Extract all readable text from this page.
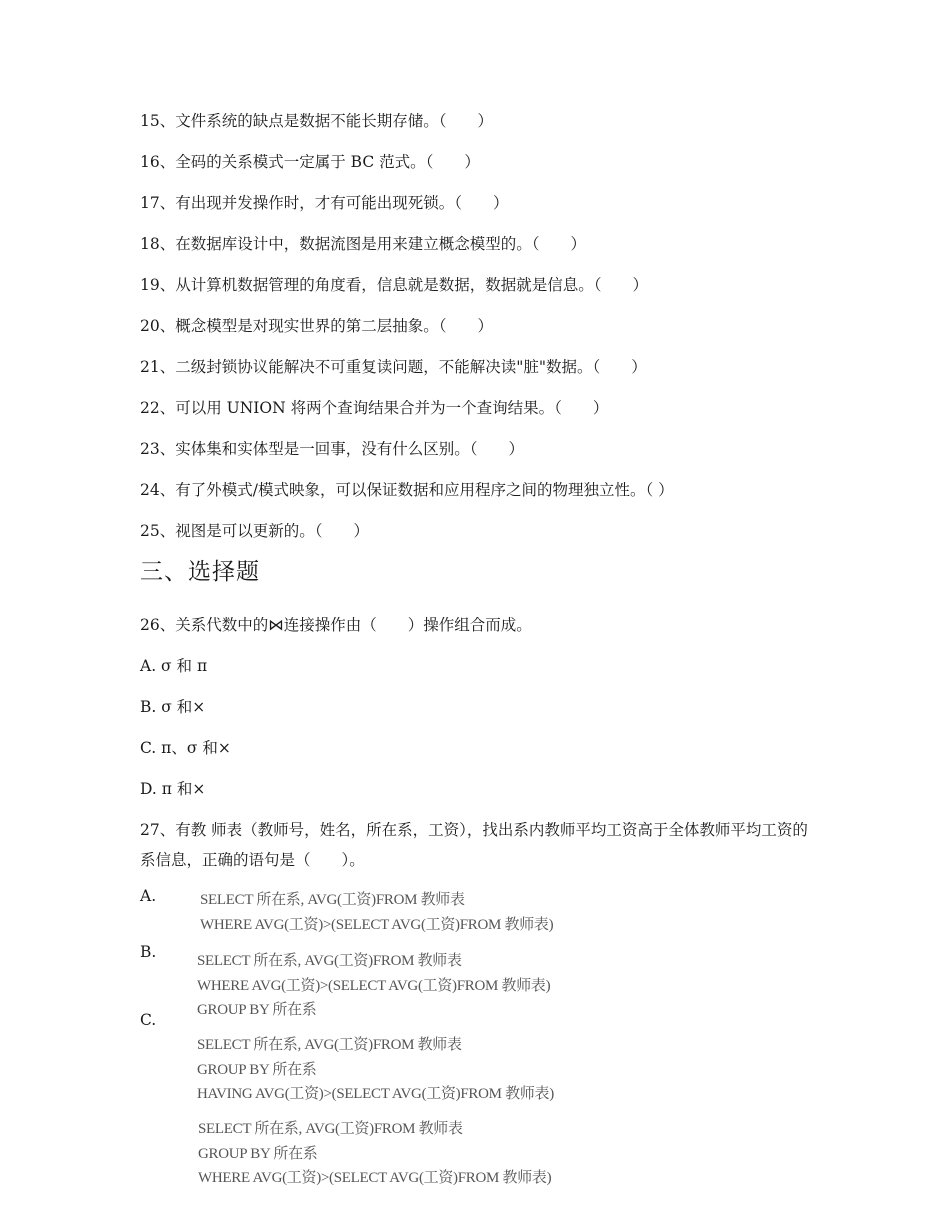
15、文件系统的缺点是数据不能长期存储。（　　）
16、全码的关系模式一定属于 BC 范式。（　　）
17、有出现并发操作时，才有可能出现死锁。（　　）
18、在数据库设计中，数据流图是用来建立概念模型的。（　　）
19、从计算机数据管理的角度看，信息就是数据，数据就是信息。（　　）
20、概念模型是对现实世界的第二层抽象。（　　）
21、二级封锁协议能解决不可重复读问题，不能解决读"脏"数据。（　　）
22、可以用 UNION 将两个查询结果合并为一个查询结果。（　　）
23、实体集和实体型是一回事，没有什么区别。（　　）
24、有了外模式/模式映象，可以保证数据和应用程序之间的物理独立性。（ ）
25、视图是可以更新的。（　　）
三、选择题
26、关系代数中的⋈连接操作由（　　）操作组合而成。
A. σ 和 π
B. σ 和×
C. π、σ 和×
D. π 和×
27、有教 师表（教师号，姓名，所在系，工资），找出系内教师平均工资高于全体教师平均工资的系信息，正确的语句是（　　）。
A.	SELECT 所在系, AVG(工资)FROM 教师表
WHERE AVG(工资)>(SELECT AVG(工资)FROM 教师表)
B.	SELECT 所在系, AVG(工资)FROM 教师表
WHERE AVG(工资)>(SELECT AVG(工资)FROM 教师表)
GROUP BY 所在系
C.
SELECT 所在系, AVG(工资)FROM 教师表
GROUP BY 所在系
HAVING AVG(工资)>(SELECT AVG(工资)FROM 教师表)
SELECT 所在系, AVG(工资)FROM 教师表
GROUP BY 所在系
WHERE AVG(工资)>(SELECT AVG(工资)FROM 教师表)
